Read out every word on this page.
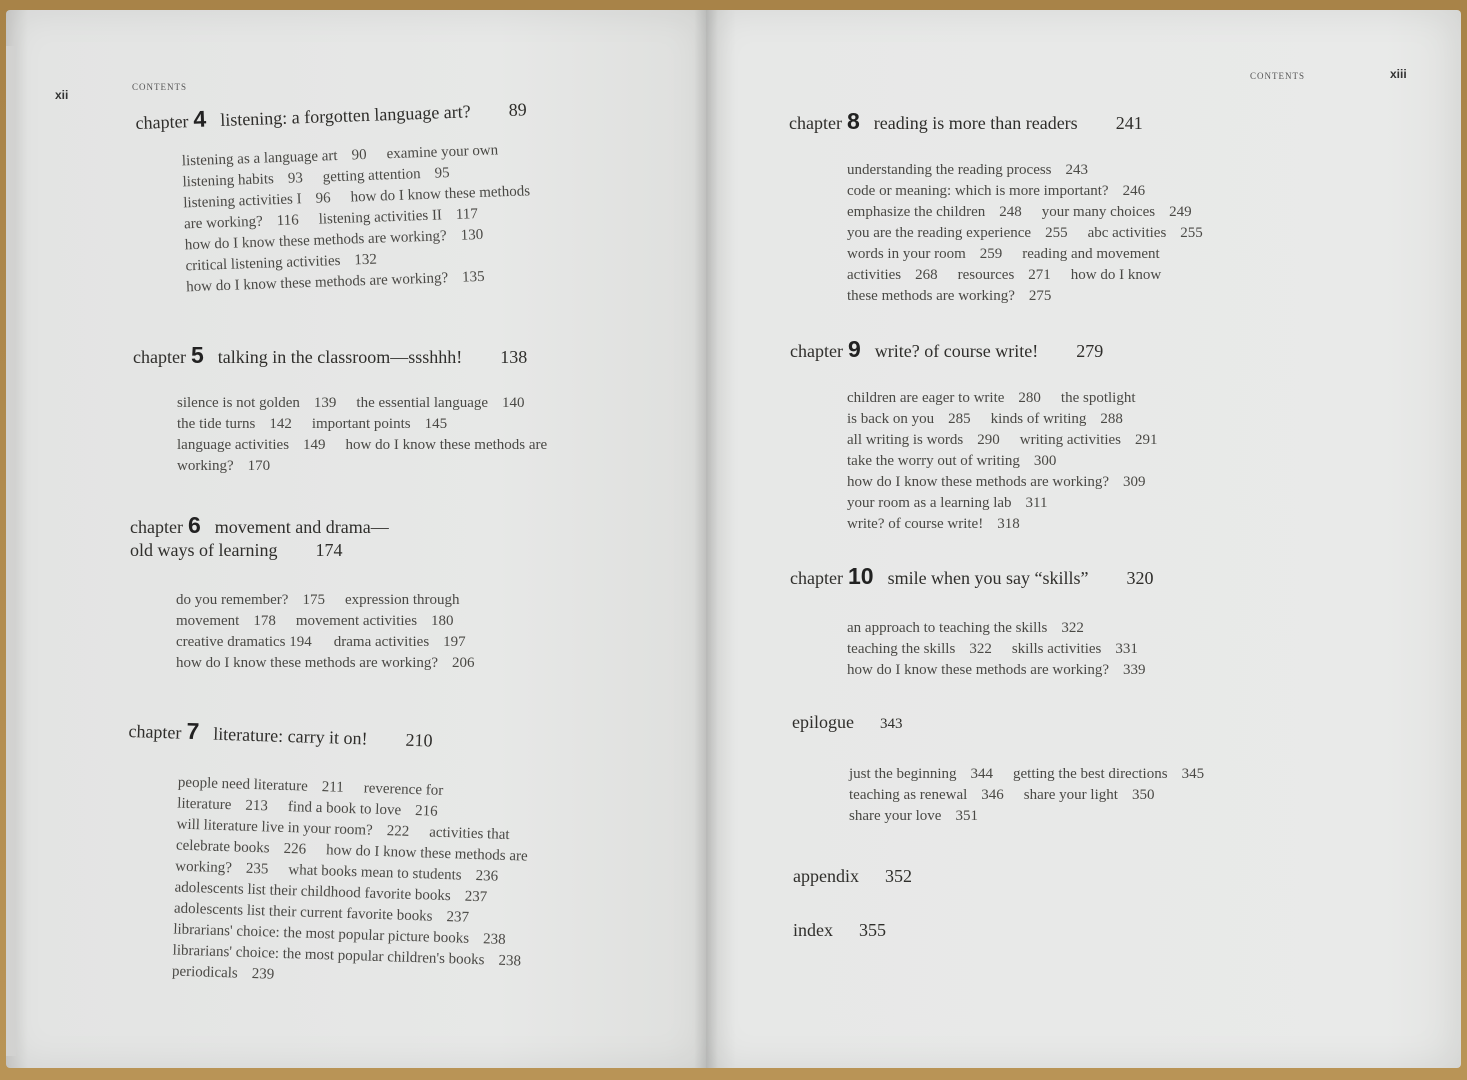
xii
CONTENTS
chapter 4 listening: a forgotten language art? 89
listening as a language art 90 examine your own
listening habits 93 getting attention 95
listening activities I 96 how do I know these methods
are working? 116 listening activities II 117
how do I know these methods are working? 130
critical listening activities 132
how do I know these methods are working? 135
chapter 5 talking in the classroom—ssshhh! 138
silence is not golden 139 the essential language 140
the tide turns 142 important points 145
language activities 149 how do I know these methods are
working? 170
chapter 6 movement and drama—
old ways of learning 174
do you remember? 175 expression through
movement 178 movement activities 180
creative dramatics 194 drama activities 197
how do I know these methods are working? 206
chapter 7 literature: carry it on! 210
people need literature 211 reverence for
literature 213 find a book to love 216
will literature live in your room? 222 activities that
celebrate books 226 how do I know these methods are
working? 235 what books mean to students 236
adolescents list their childhood favorite books 237
adolescents list their current favorite books 237
librarians' choice: the most popular picture books 238
librarians' choice: the most popular children's books 238
periodicals 239
xiii
CONTENTS
chapter 8 reading is more than readers 241
understanding the reading process 243
code or meaning: which is more important? 246
emphasize the children 248 your many choices 249
you are the reading experience 255 abc activities 255
words in your room 259 reading and movement
activities 268 resources 271 how do I know
these methods are working? 275
chapter 9 write? of course write! 279
children are eager to write 280 the spotlight
is back on you 285 kinds of writing 288
all writing is words 290 writing activities 291
take the worry out of writing 300
how do I know these methods are working? 309
your room as a learning lab 311
write? of course write! 318
chapter 10 smile when you say “skills” 320
an approach to teaching the skills 322
teaching the skills 322 skills activities 331
how do I know these methods are working? 339
epilogue 343
just the beginning 344 getting the best directions 345
teaching as renewal 346 share your light 350
share your love 351
appendix 352
index 355
